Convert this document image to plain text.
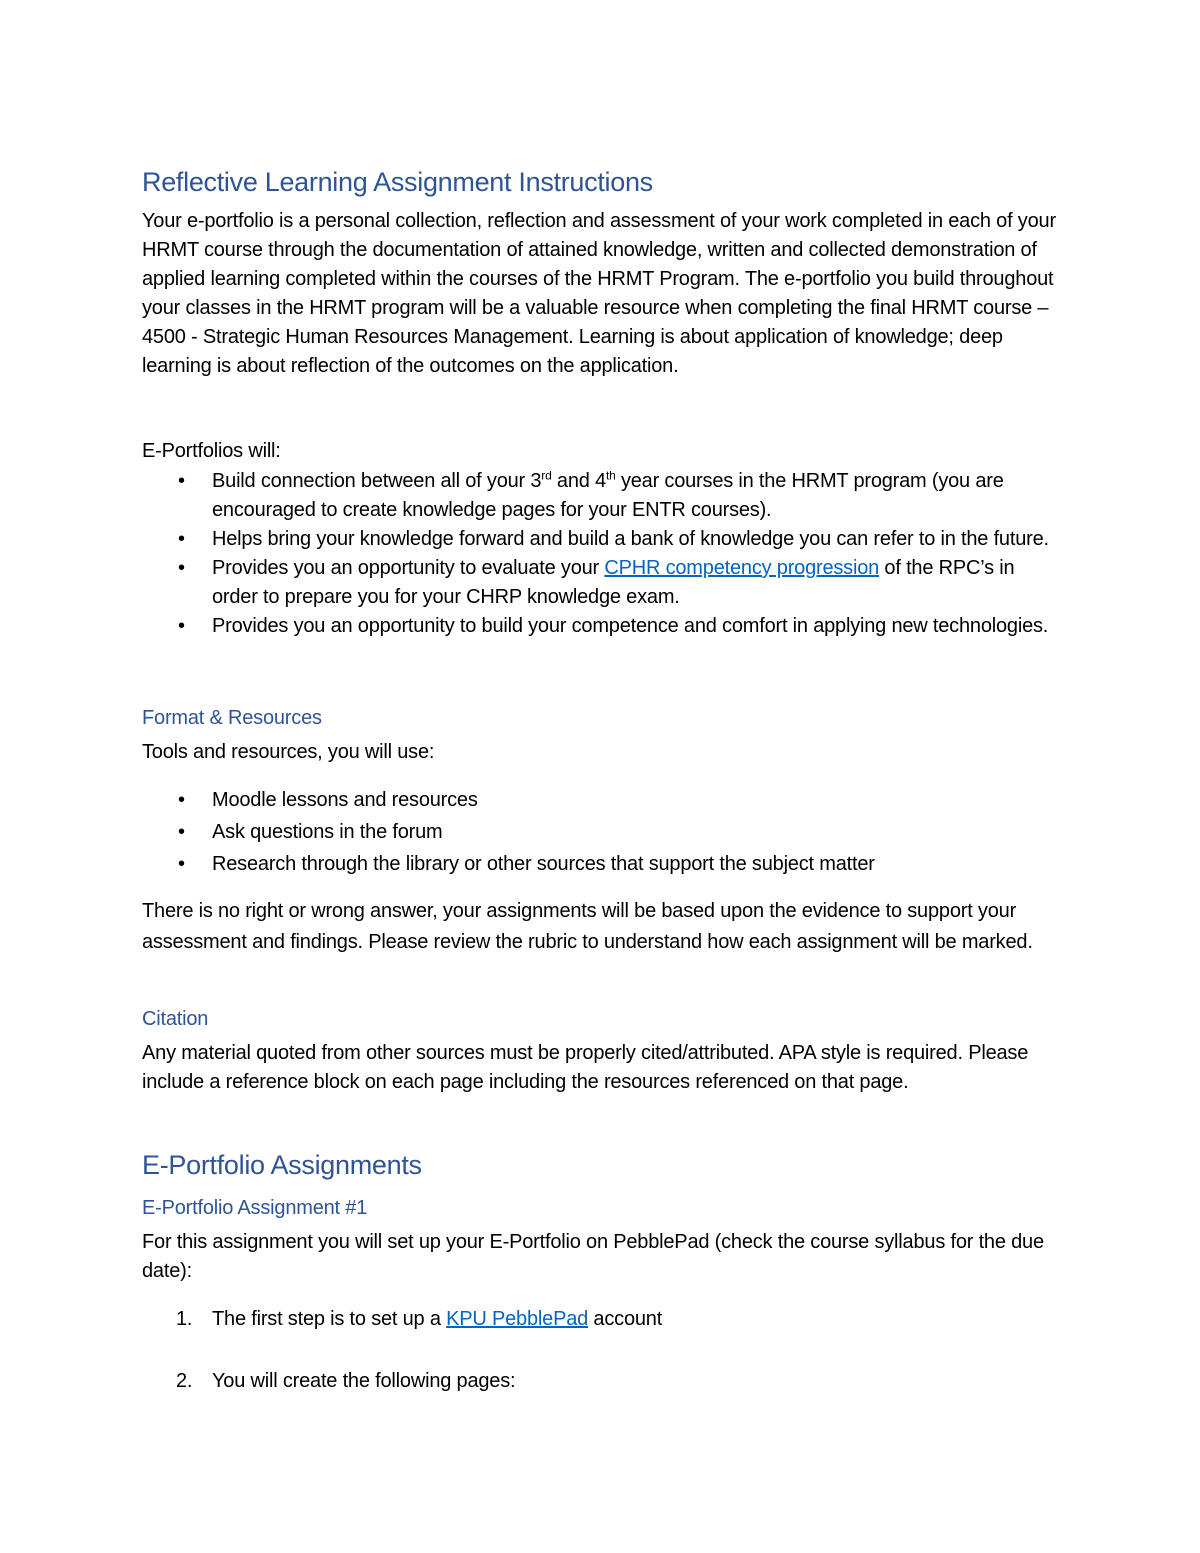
Reflective Learning Assignment Instructions

Your e-portfolio is a personal collection, reflection and assessment of your work completed in each of your HRMT course through the documentation of attained knowledge, written and collected demonstration of applied learning completed within the courses of the HRMT Program. The e-portfolio you build throughout your classes in the HRMT program will be a valuable resource when completing the final HRMT course – 4500 - Strategic Human Resources Management. Learning is about application of knowledge; deep learning is about reflection of the outcomes on the application.

E-Portfolios will:

• Build connection between all of your 3rd and 4th year courses in the HRMT program (you are encouraged to create knowledge pages for your ENTR courses).
• Helps bring your knowledge forward and build a bank of knowledge you can refer to in the future.
• Provides you an opportunity to evaluate your CPHR competency progression of the RPC’s in order to prepare you for your CHRP knowledge exam.
• Provides you an opportunity to build your competence and comfort in applying new technologies.
Format & Resources

Tools and resources, you will use:

• Moodle lessons and resources
• Ask questions in the forum
• Research through the library or other sources that support the subject matter

There is no right or wrong answer, your assignments will be based upon the evidence to support your assessment and findings. Please review the rubric to understand how each assignment will be marked.

Citation

Any material quoted from other sources must be properly cited/attributed. APA style is required. Please include a reference block on each page including the resources referenced on that page.

E-Portfolio Assignments
E-Portfolio Assignment #1

For this assignment you will set up your E-Portfolio on PebblePad (check the course syllabus for the due date):

1. The first step is to set up a KPU PebblePad account
2. You will create the following pages:
